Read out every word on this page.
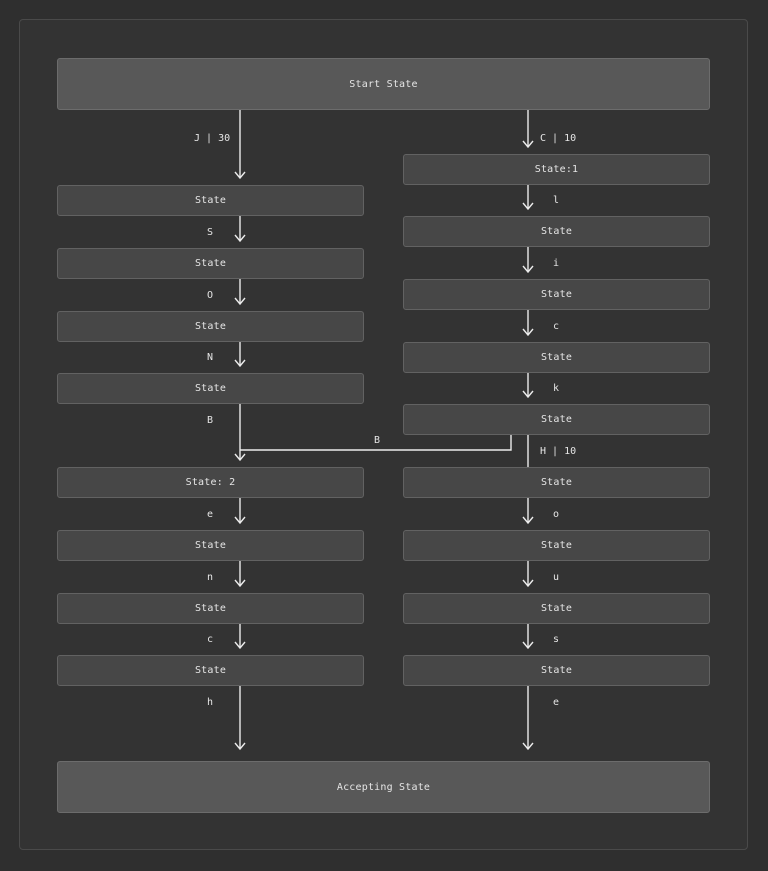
Start State
Accepting State
State
State
State
State
State: 2
State
State
State
State:1
State
State
State
State
State
State
State
State
J | 30	C | 10
S
O
N
B
e
n
c
h
l
i
c
k
H | 10
o
u
s
e
B
